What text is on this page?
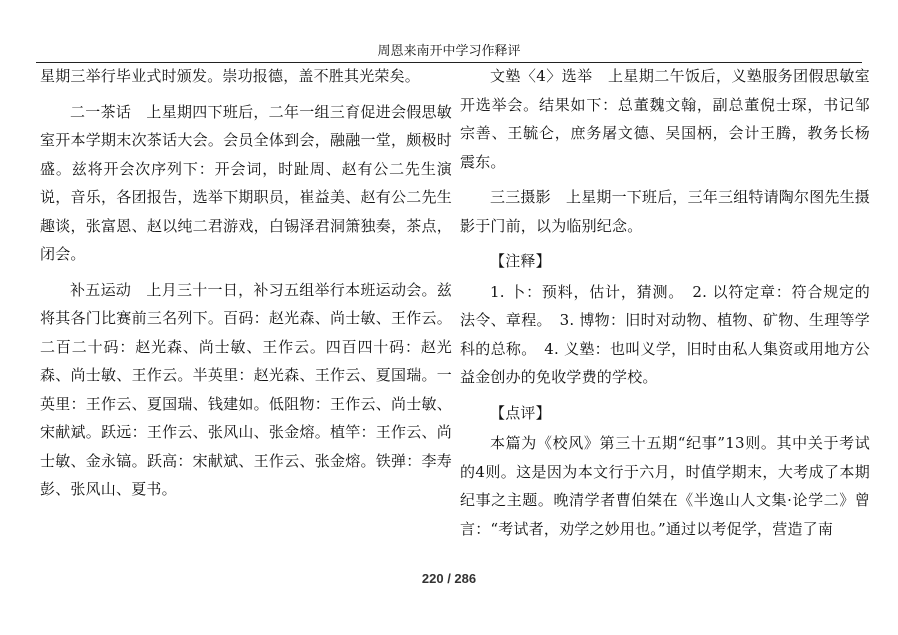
周恩来南开中学习作释评

星期三举行毕业式时颁发。崇功报德，盖不胜其光荣矣。

二一茶话　上星期四下班后，二年一组三育促进会假思敏室开本学期末次茶话大会。会员全体到会，融融一堂，颇极时盛。兹将开会次序列下：开会词，时趾周、赵有公二先生演说，音乐，各团报告，选举下期职员，崔益美、赵有公二先生趣谈，张富恩、赵以纯二君游戏，白锡泽君洞箫独奏，茶点，闭会。

补五运动　上月三十一日，补习五组举行本班运动会。兹将其各门比赛前三名列下。百码：赵光森、尚士敏、王作云。二百二十码：赵光森、尚士敏、王作云。四百四十码：赵光森、尚士敏、王作云。半英里：赵光森、王作云、夏国瑞。一英里：王作云、夏国瑞、钱建如。低阻物：王作云、尚士敏、宋献斌。跃远：王作云、张风山、张金熔。植竿：王作云、尚士敏、金永镐。跃高：宋献斌、王作云、张金熔。铁弹：李寿彭、张风山、夏书。

文塾〈4〉选举　上星期二午饭后，义塾服务团假思敏室开选举会。结果如下：总董魏文翰，副总董倪士琛，书记邹宗善、王毓仑，庶务屠文德、吴国柄，会计王腾，教务长杨震东。

三三摄影　上星期一下班后，三年三组特请陶尔图先生摄影于门前，以为临别纪念。

【注释】

1. 卜：预料，估计，猜测。　2. 以符定章：符合规定的法令、章程。　3. 博物：旧时对动物、植物、矿物、生理等学科的总称。　4. 义塾：也叫义学，旧时由私人集资或用地方公益金创办的免收学费的学校。

【点评】

本篇为《校风》第三十五期“纪事”13则。其中关于考试的4则。这是因为本文行于六月，时值学期末，大考成了本期纪事之主题。晚清学者曹伯桀在《半逸山人文集·论学二》曾言：“考试者，劝学之妙用也。”通过以考促学，营造了南

220 / 286
